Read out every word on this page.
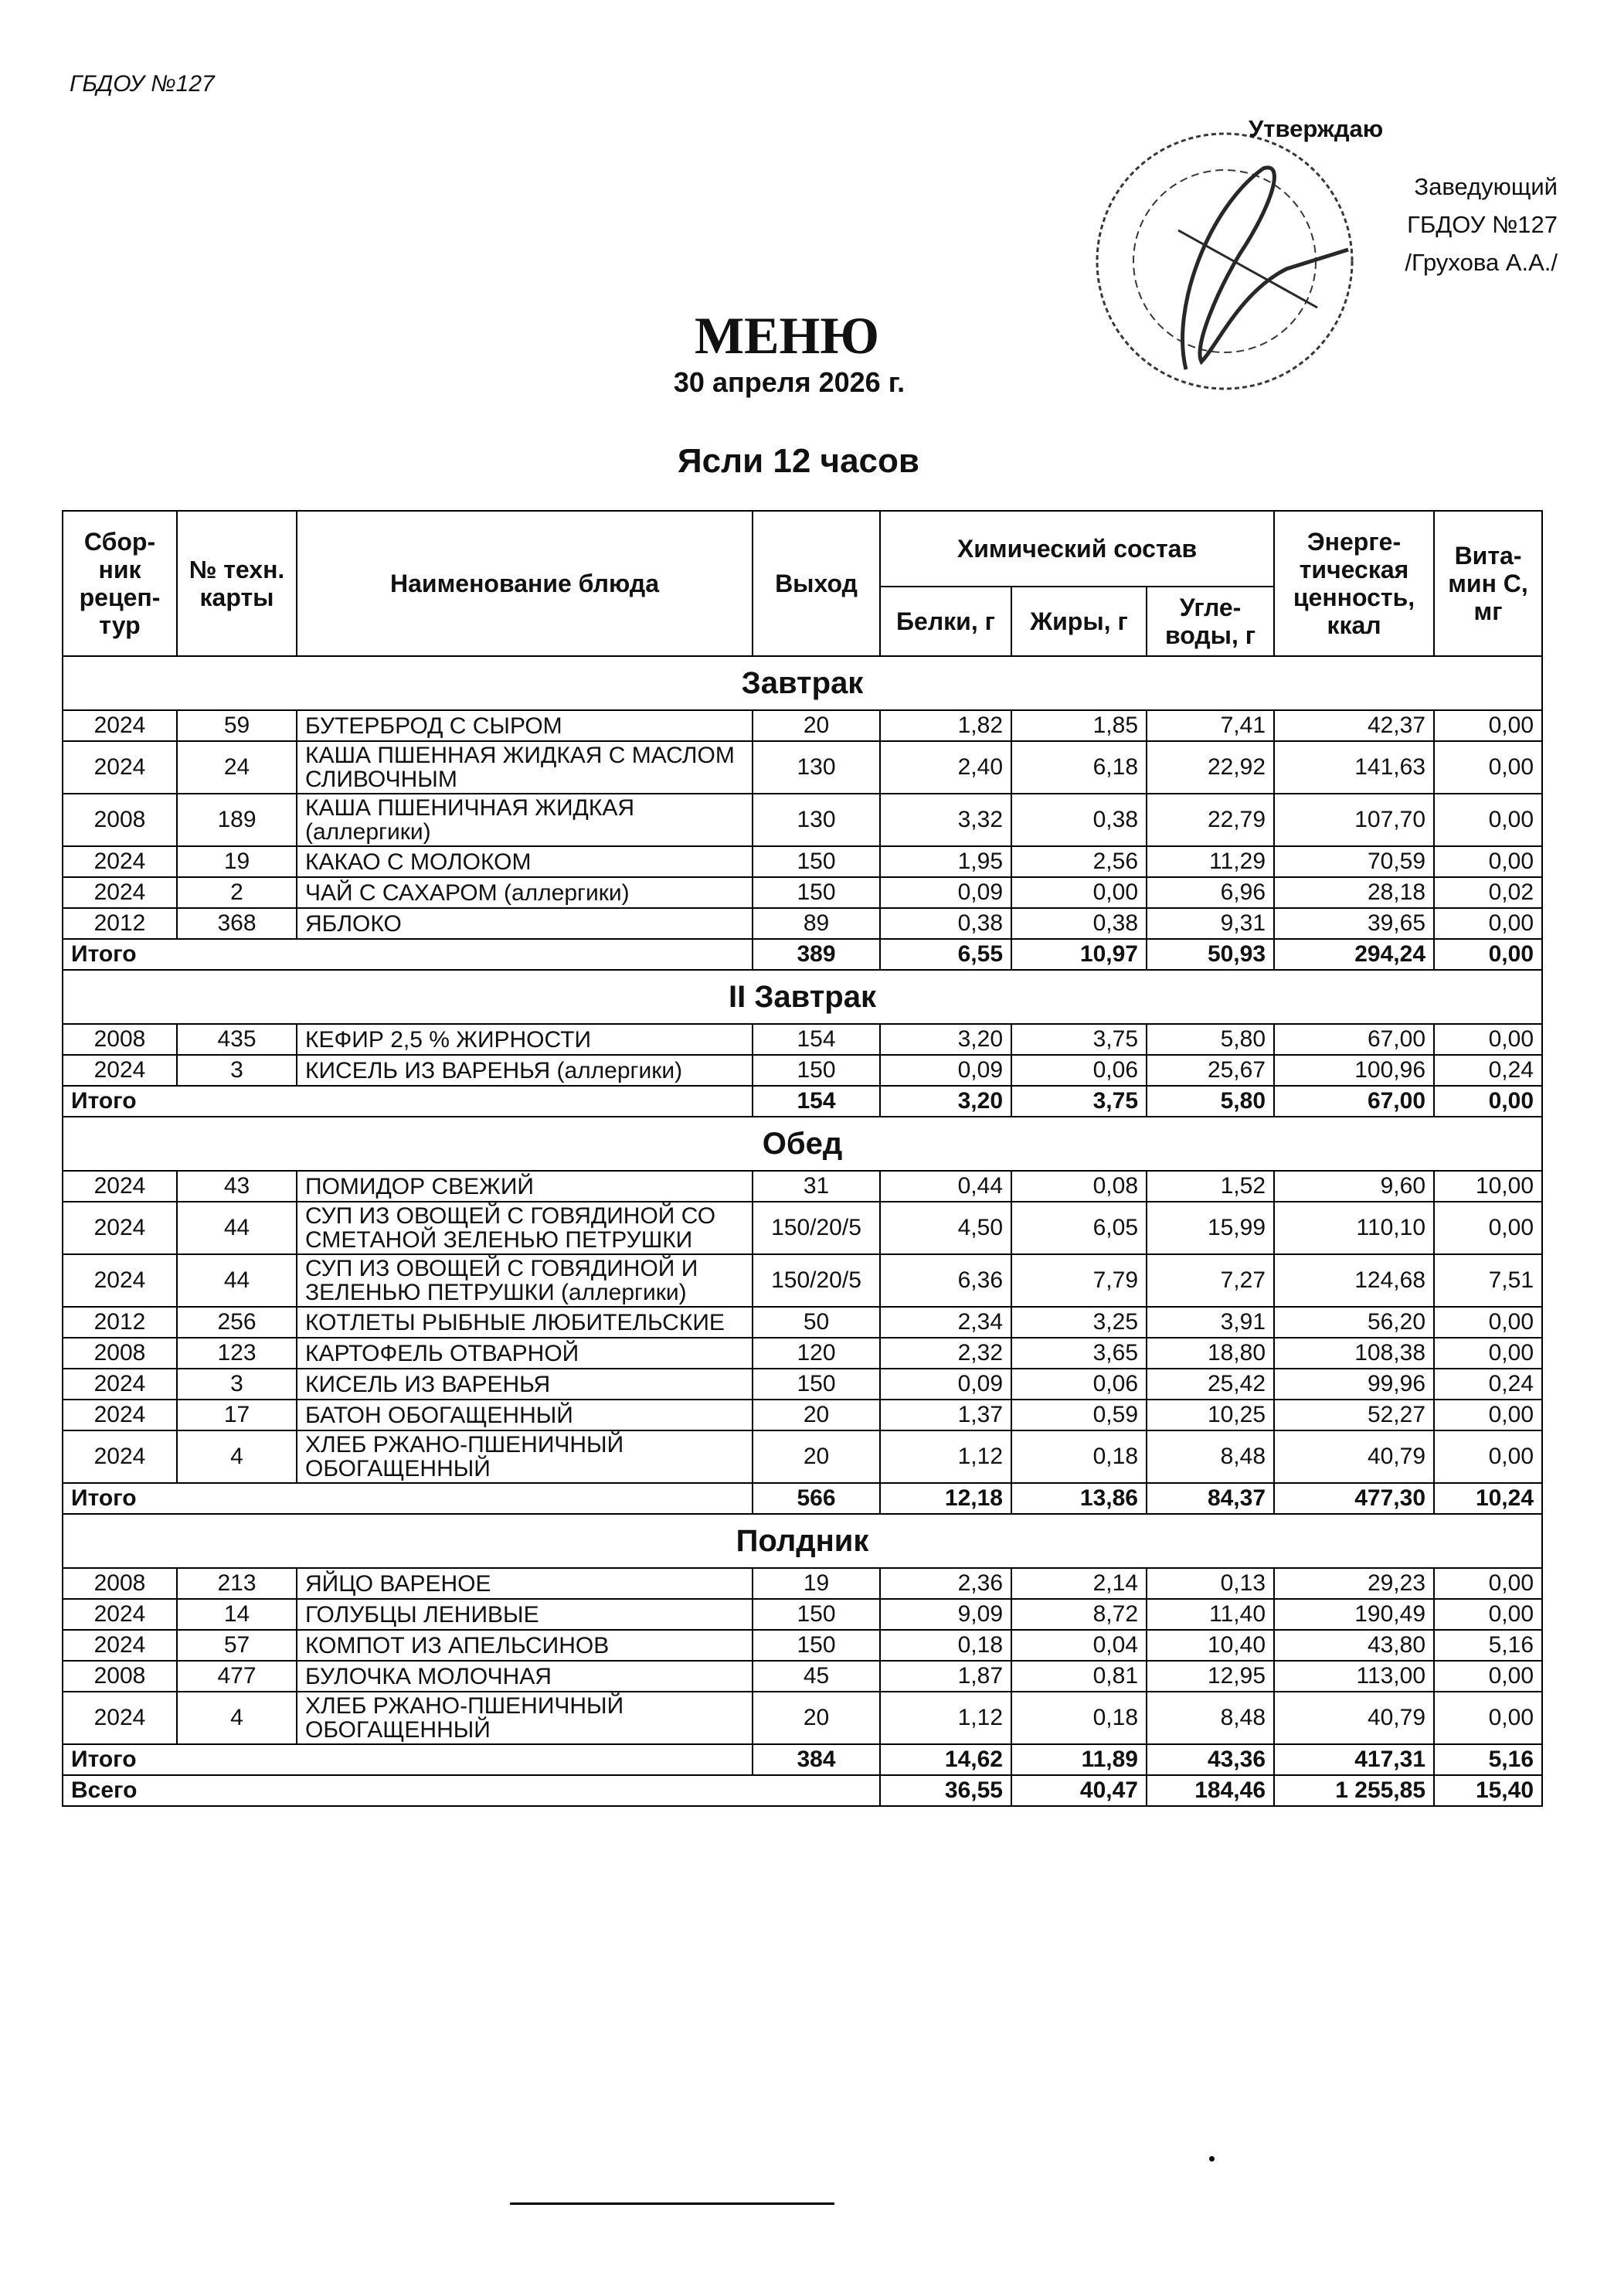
ГБДОУ №127
Утверждаю
Заведующий
ГБДОУ №127
/Грухова А.А./
МЕНЮ
30 апреля 2026 г.
Ясли 12 часов
Сбор-ник рецеп-тур	№ техн. карты	Наименование блюда	Выход	Химический состав			Энерге-тическая ценность, ккал	Вита-мин С, мг
				Белки, г	Жиры, г	Угле-воды, г		
Завтрак								
2024	59	БУТЕРБРОД С СЫРОМ	20	1,82	1,85	7,41	42,37	0,00
2024	24	КАША ПШЕННАЯ ЖИДКАЯ С МАСЛОМ СЛИВОЧНЫМ	130	2,40	6,18	22,92	141,63	0,00
2008	189	КАША ПШЕНИЧНАЯ ЖИДКАЯ (аллергики)	130	3,32	0,38	22,79	107,70	0,00
2024	19	КАКАО С МОЛОКОМ	150	1,95	2,56	11,29	70,59	0,00
2024	2	ЧАЙ С САХАРОМ (аллергики)	150	0,09	0,00	6,96	28,18	0,02
2012	368	ЯБЛОКО	89	0,38	0,38	9,31	39,65	0,00
Итого			389	6,55	10,97	50,93	294,24	0,00
II Завтрак								
2008	435	КЕФИР 2,5 % ЖИРНОСТИ	154	3,20	3,75	5,80	67,00	0,00
2024	3	КИСЕЛЬ ИЗ ВАРЕНЬЯ (аллергики)	150	0,09	0,06	25,67	100,96	0,24
Итого			154	3,20	3,75	5,80	67,00	0,00
Обед								
2024	43	ПОМИДОР СВЕЖИЙ	31	0,44	0,08	1,52	9,60	10,00
2024	44	СУП ИЗ ОВОЩЕЙ С ГОВЯДИНОЙ СО СМЕТАНОЙ ЗЕЛЕНЬЮ ПЕТРУШКИ	150/20/5	4,50	6,05	15,99	110,10	0,00
2024	44	СУП ИЗ ОВОЩЕЙ С ГОВЯДИНОЙ И ЗЕЛЕНЬЮ ПЕТРУШКИ (аллергики)	150/20/5	6,36	7,79	7,27	124,68	7,51
2012	256	КОТЛЕТЫ РЫБНЫЕ ЛЮБИТЕЛЬСКИЕ	50	2,34	3,25	3,91	56,20	0,00
2008	123	КАРТОФЕЛЬ ОТВАРНОЙ	120	2,32	3,65	18,80	108,38	0,00
2024	3	КИСЕЛЬ ИЗ ВАРЕНЬЯ	150	0,09	0,06	25,42	99,96	0,24
2024	17	БАТОН ОБОГАЩЕННЫЙ	20	1,37	0,59	10,25	52,27	0,00
2024	4	ХЛЕБ РЖАНО-ПШЕНИЧНЫЙ ОБОГАЩЕННЫЙ	20	1,12	0,18	8,48	40,79	0,00
Итого			566	12,18	13,86	84,37	477,30	10,24
Полдник								
2008	213	ЯЙЦО ВАРЕНОЕ	19	2,36	2,14	0,13	29,23	0,00
2024	14	ГОЛУБЦЫ ЛЕНИВЫЕ	150	9,09	8,72	11,40	190,49	0,00
2024	57	КОМПОТ ИЗ АПЕЛЬСИНОВ	150	0,18	0,04	10,40	43,80	5,16
2008	477	БУЛОЧКА МОЛОЧНАЯ	45	1,87	0,81	12,95	113,00	0,00
2024	4	ХЛЕБ РЖАНО-ПШЕНИЧНЫЙ ОБОГАЩЕННЫЙ	20	1,12	0,18	8,48	40,79	0,00
Итого			384	14,62	11,89	43,36	417,31	5,16
Всего				36,55	40,47	184,46	1 255,85	15,40
